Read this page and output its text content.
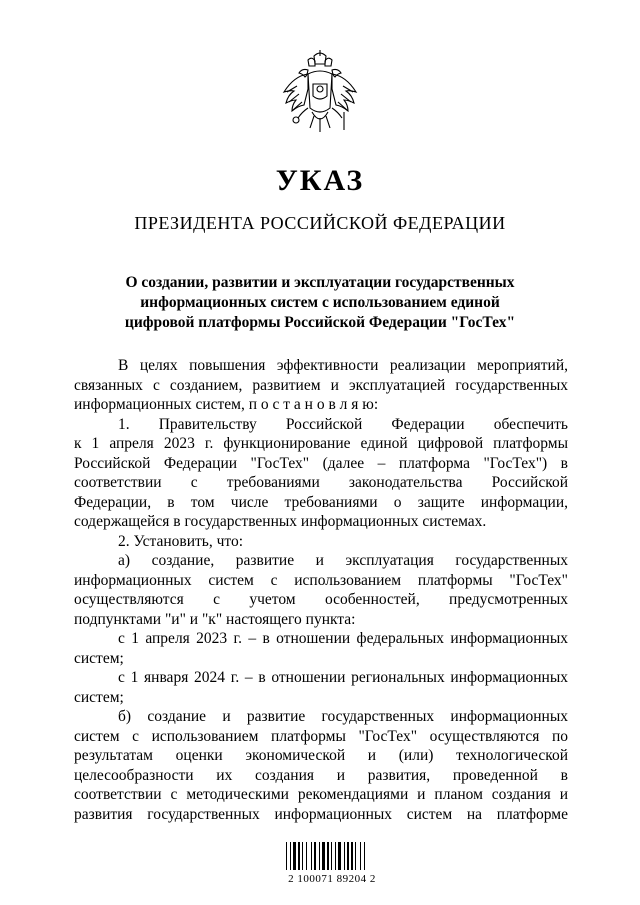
УКАЗ
ПРЕЗИДЕНТА РОССИЙСКОЙ ФЕДЕРАЦИИ
О создании, развитии и эксплуатации государственных
информационных систем с использованием единой
цифровой платформы Российской Федерации "ГосТех"

В целях повышения эффективности реализации мероприятий,

связанных с созданием, развитием и эксплуатацией государственных

информационных систем, п о с т а н о в л я ю:

1. Правительству Российской Федерации обеспечить

к 1 апреля 2023 г. функционирование единой цифровой платформы

Российской Федерации "ГосТех" (далее – платформа "ГосТех") в

соответствии с требованиями законодательства Российской

Федерации, в том числе требованиями о защите информации,

содержащейся в государственных информационных системах.

2. Установить, что:

а) создание, развитие и эксплуатация государственных

информационных систем с использованием платформы "ГосТех"

осуществляются с учетом особенностей, предусмотренных

подпунктами "и" и "к" настоящего пункта:

с 1 апреля 2023 г. – в отношении федеральных информационных

систем;

с 1 января 2024 г. – в отношении региональных информационных

систем;

б) создание и развитие государственных информационных

систем с использованием платформы "ГосТех" осуществляются по

результатам оценки экономической и (или) технологической

целесообразности их создания и развития, проведенной в

соответствии с методическими рекомендациями и планом создания и

развития государственных информационных систем на платформе

2 100071 89204 2
